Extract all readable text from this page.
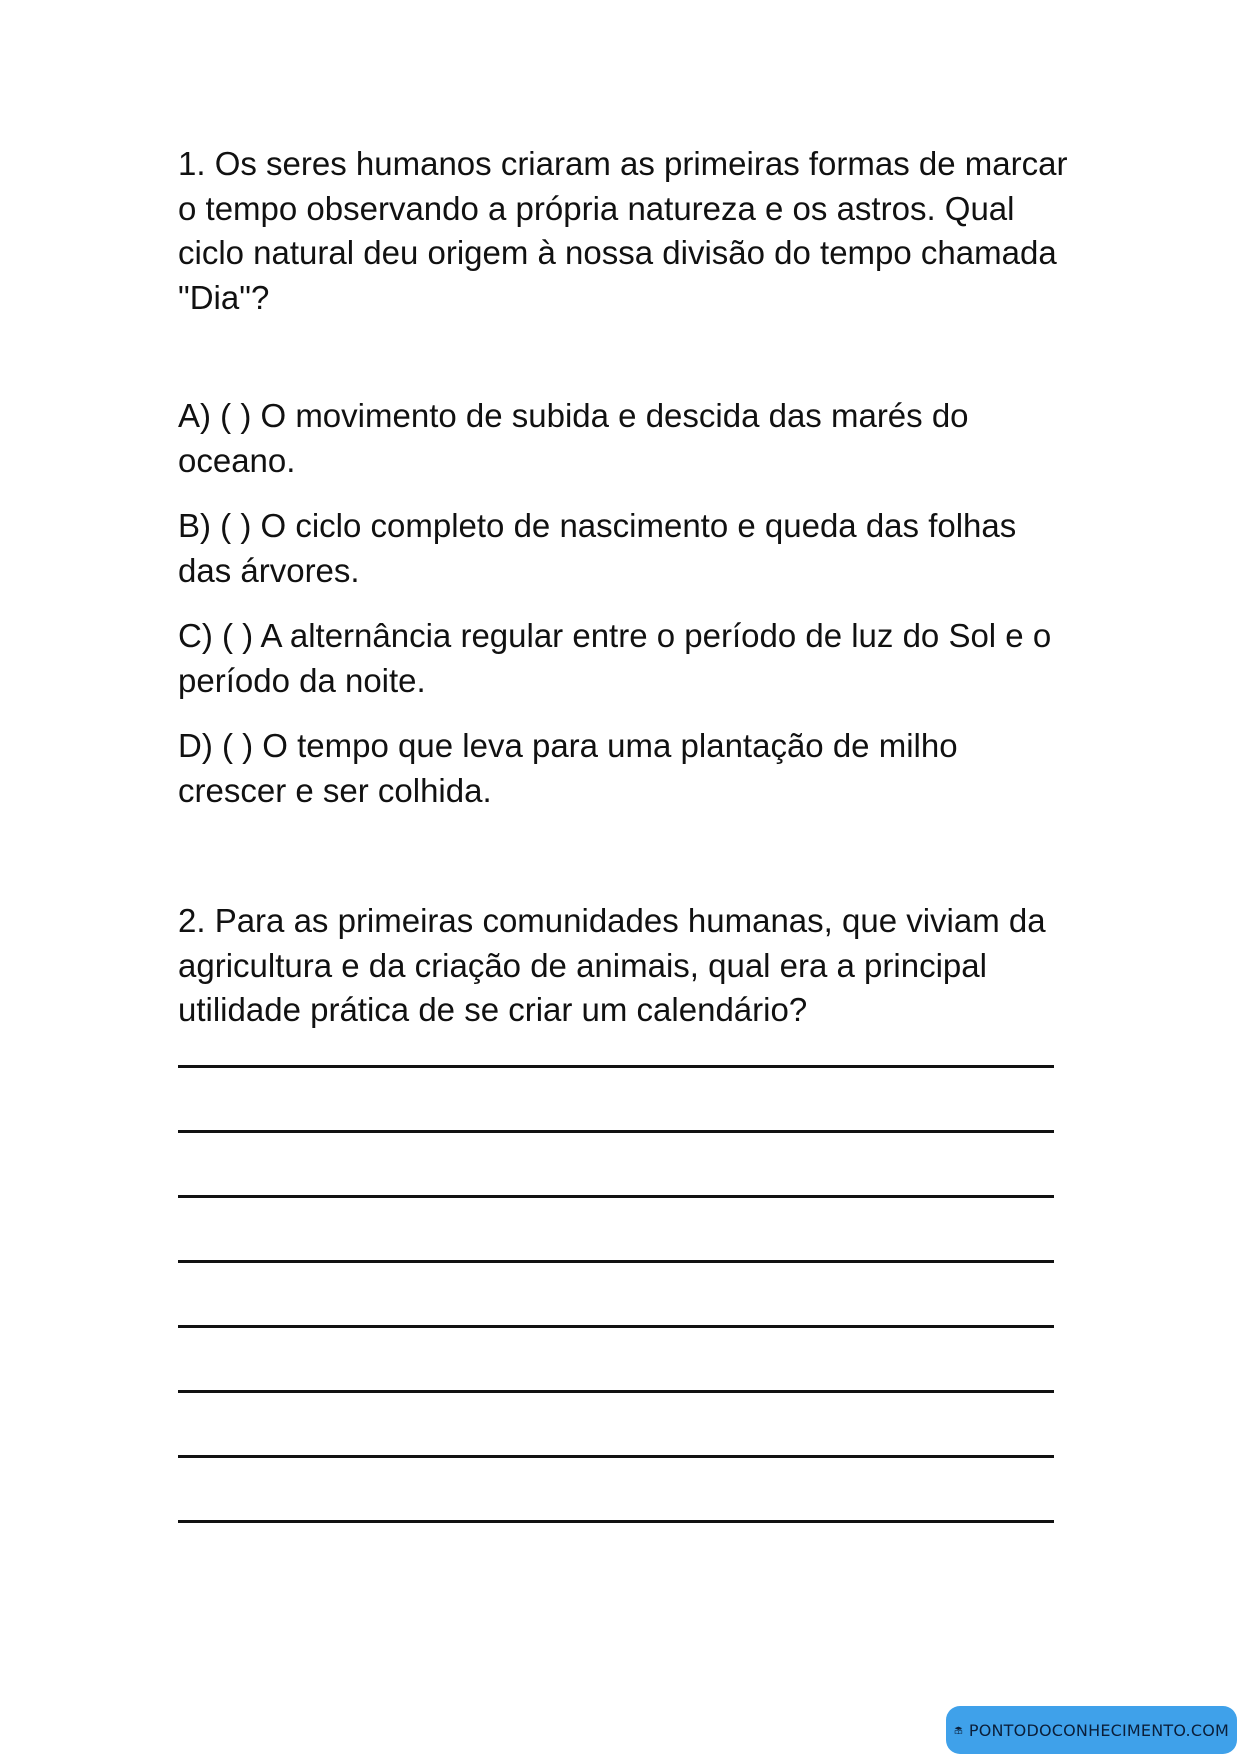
1. Os seres humanos criaram as primeiras formas de marcar o tempo observando a própria natureza e os astros. Qual ciclo natural deu origem à nossa divisão do tempo chamada "Dia"?

A) ( ) O movimento de subida e descida das marés do oceano.

B) ( ) O ciclo completo de nascimento e queda das folhas das árvores.

C) ( ) A alternância regular entre o período de luz do Sol e o período da noite.

D) ( ) O tempo que leva para uma plantação de milho crescer e ser colhida.

2. Para as primeiras comunidades humanas, que viviam da agricultura e da criação de animais, qual era a principal utilidade prática de se criar um calendário?

PONTODOCONHECIMENTO.COM
